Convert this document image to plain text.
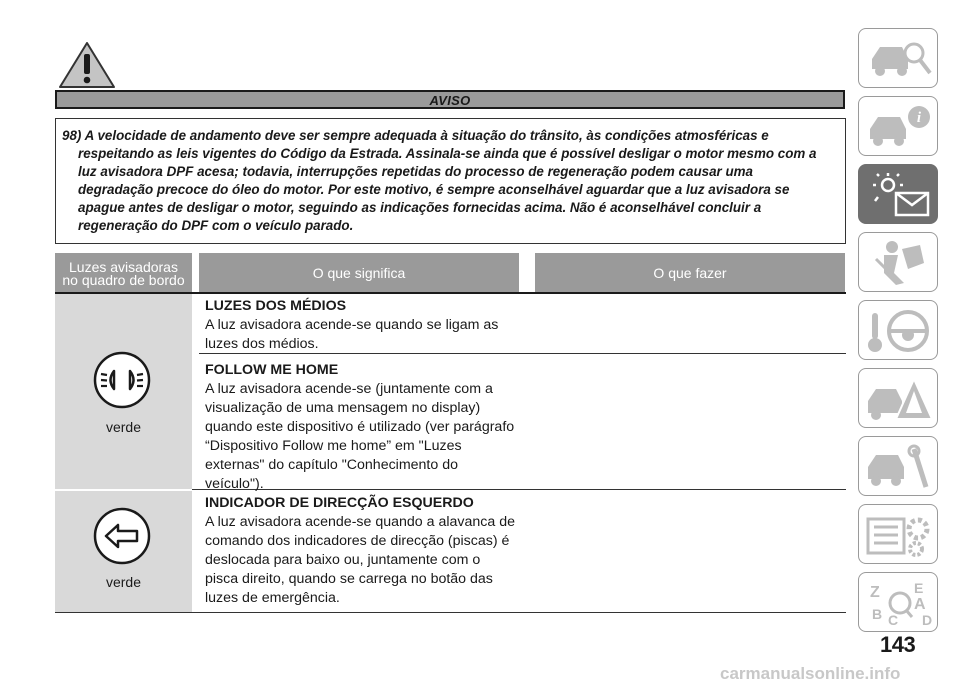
AVISO

98) A velocidade de andamento deve ser sempre adequada à situação do trânsito, às condições atmosféricas e
respeitando as leis vigentes do Código da Estrada. Assinala-se ainda que é possível desligar o motor mesmo com a
luz avisadora DPF acesa; todavia, interrupções repetidas do processo de regeneração podem causar uma
degradação precoce do óleo do motor. Por este motivo, é sempre aconselhável aguardar que a luz avisadora se
apague antes de desligar o motor, seguindo as indicações fornecidas acima. Não é aconselhável concluir a
regeneração do DPF com o veículo parado.

Luzes avisadoras
no quadro de bordo	O que significa	O que fazer
verde
verde
LUZES DOS MÉDIOS
A luz avisadora acende-se quando se ligam as
luzes dos médios.
FOLLOW ME HOME
A luz avisadora acende-se (juntamente com a
visualização de uma mensagem no display)
quando este dispositivo é utilizado (ver parágrafo
“Dispositivo Follow me home” em "Luzes
externas" do capítulo "Conhecimento do
veículo").
INDICADOR DE DIRECÇÃO ESQUERDO
A luz avisadora acende-se quando a alavanca de
comando dos indicadores de direcção (piscas) é
deslocada para baixo ou, juntamente com o
pisca direito, quando se carrega no botão das
luzes de emergência.
i
Z E
B
A
D
C
143
carmanualsonline.info
